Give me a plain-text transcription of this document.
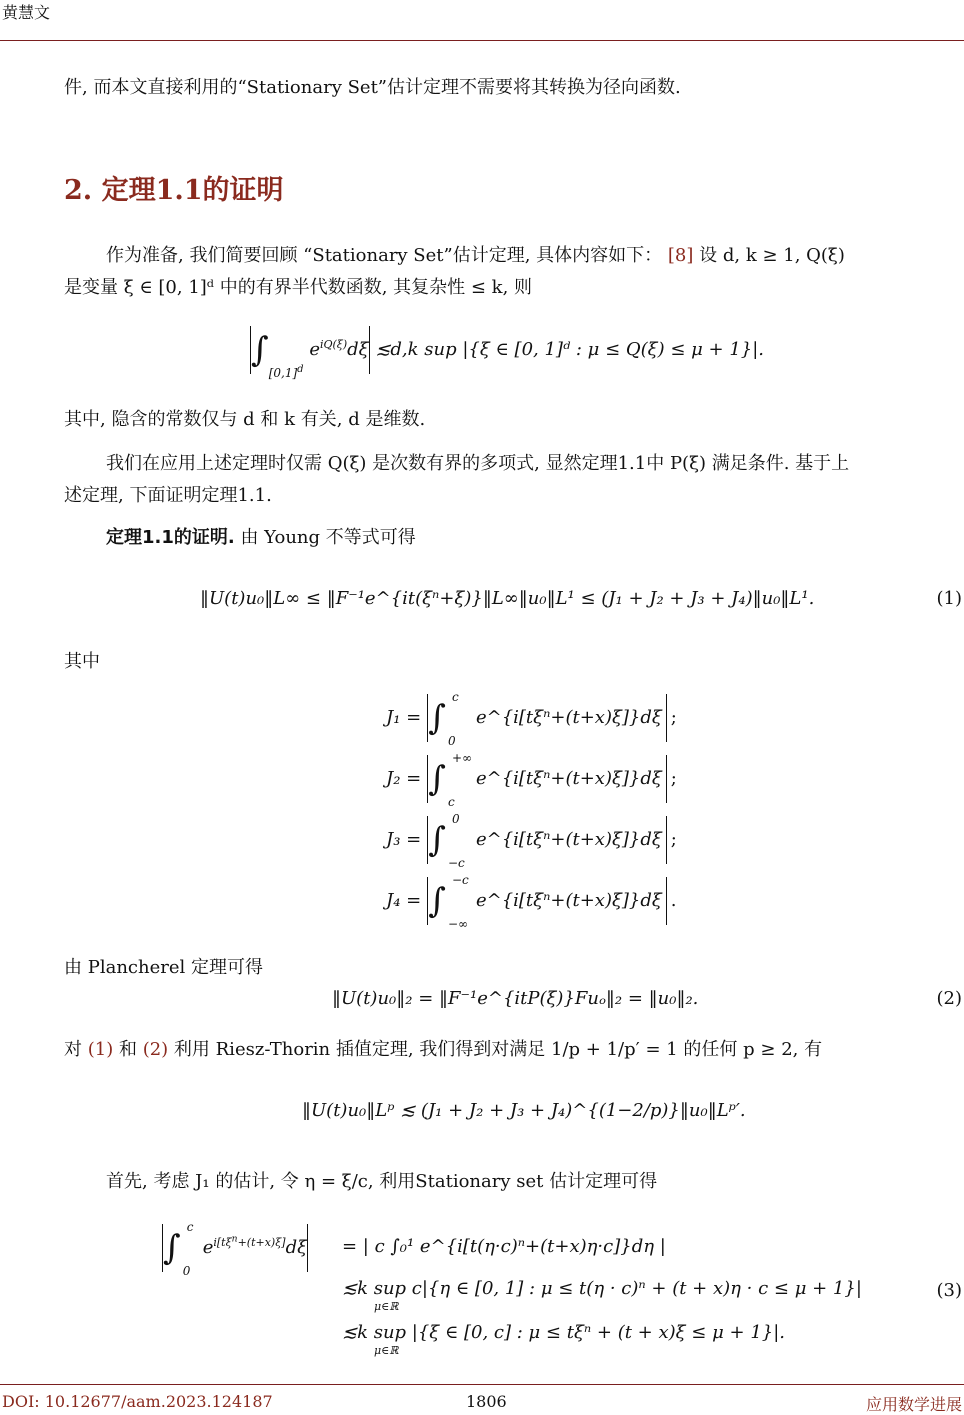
黄慧文
件, 而本文直接利用的“Stationary Set”估计定理不需要将其转换为径向函数.
2. 定理1.1的证明
作为准备, 我们简要回顾 “Stationary Set”估计定理, 具体内容如下： [8] 设 d, k ≥ 1, Q(ξ)
是变量 ξ ∈ [0, 1]ᵈ 中的有界半代数函数, 其复杂性 ≤ k, 则
$\int_{[0,1]^d}$ $e^{iQ(\xi)}d\xi$ ≲d,k sup |{ξ ∈ [0, 1]ᵈ : μ ≤ Q(ξ) ≤ μ + 1}|.
其中, 隐含的常数仅与 d 和 k 有关, d 是维数.
我们在应用上述定理时仅需 Q(ξ) 是次数有界的多项式, 显然定理1.1中 P(ξ) 满足条件. 基于上
述定理, 下面证明定理1.1.
定理1.1的证明. 由 Young 不等式可得
‖U(t)u₀‖L∞ ≤ ‖F⁻¹e^{it(ξⁿ+ξ)}‖L∞‖u₀‖L¹ ≤ (J₁ + J₂ + J₃ + J₄)‖u₀‖L¹.	(1)
其中
J₁ = ∫
c
0
e^{i[tξⁿ+(t+x)ξ]}dξ ;
J₂ = ∫
+∞
c
e^{i[tξⁿ+(t+x)ξ]}dξ ;
J₃ = ∫
0
−c
e^{i[tξⁿ+(t+x)ξ]}dξ ;
J₄ = ∫
−c
−∞
e^{i[tξⁿ+(t+x)ξ]}dξ .
由 Plancherel 定理可得
‖U(t)u₀‖₂ = ‖F⁻¹e^{itP(ξ)}Fuₒ‖₂ = ‖u₀‖₂.	(2)
对 (1) 和 (2) 利用 Riesz-Thorin 插值定理, 我们得到对满足 1/p + 1/p′ = 1 的任何 p ≥ 2, 有
‖U(t)u₀‖Lᵖ ≲ (J₁ + J₂ + J₃ + J₄)^{(1−2/p)}‖u₀‖Lᵖ′.
首先, 考虑 J₁ 的估计, 令 η = ξ/c, 利用Stationary set 估计定理可得
∫
c
0
$e^{i[t\xi^n+(t+x)\xi]}d\xi$ = | c ∫₀¹ e^{i[t(η·c)ⁿ+(t+x)η·c]}dη |
≲k sup c|{η ∈ [0, 1] : μ ≤ t(η · c)ⁿ + (t + x)η · c ≤ μ + 1}|
μ∈ℝ
(3)
≲k sup |{ξ ∈ [0, c] : μ ≤ tξⁿ + (t + x)ξ ≤ μ + 1}|.
μ∈ℝ
DOI: 10.12677/aam.2023.124187	1806	应用数学进展
